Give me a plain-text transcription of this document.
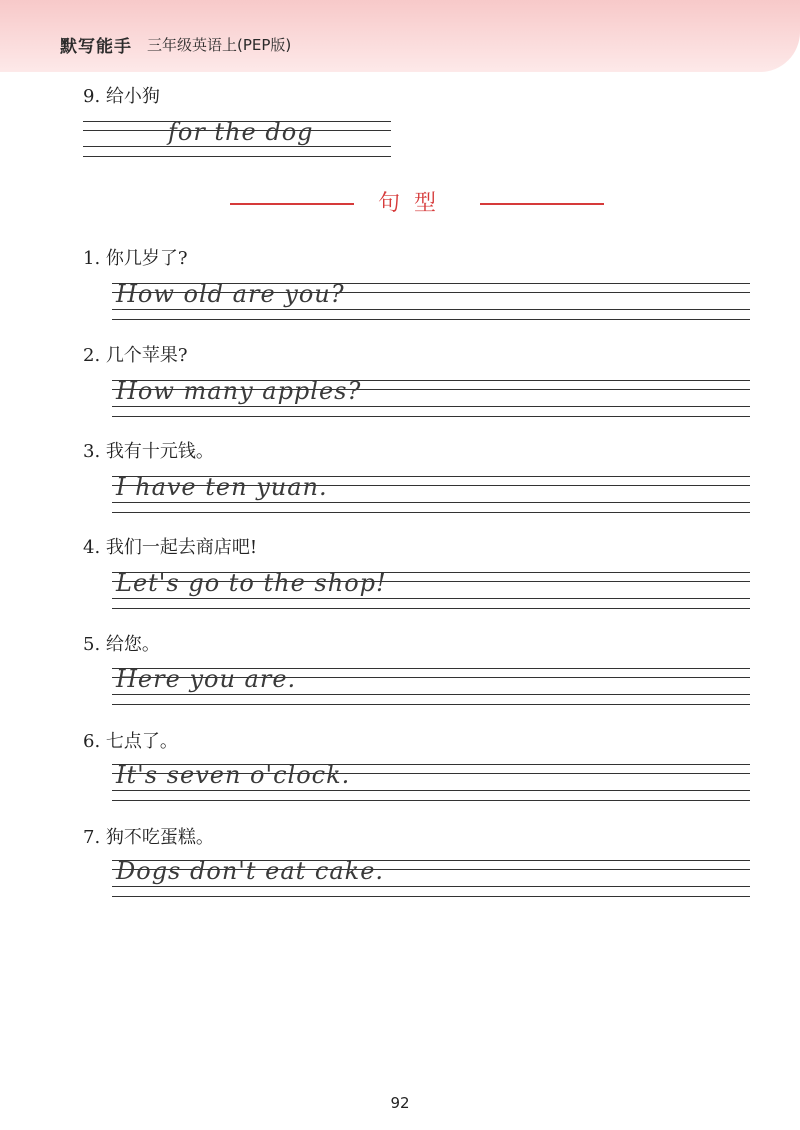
默写能手 三年级英语上(PEP版)
9. 给小狗
for the dog
句型
1. 你几岁了?
How old are you?
2. 几个苹果?
How many apples?
3. 我有十元钱。
I have ten yuan.
4. 我们一起去商店吧!
Let's go to the shop!
5. 给您。
Here you are.
6. 七点了。
It's seven o'clock.
7. 狗不吃蛋糕。
Dogs don't eat cake.
92
